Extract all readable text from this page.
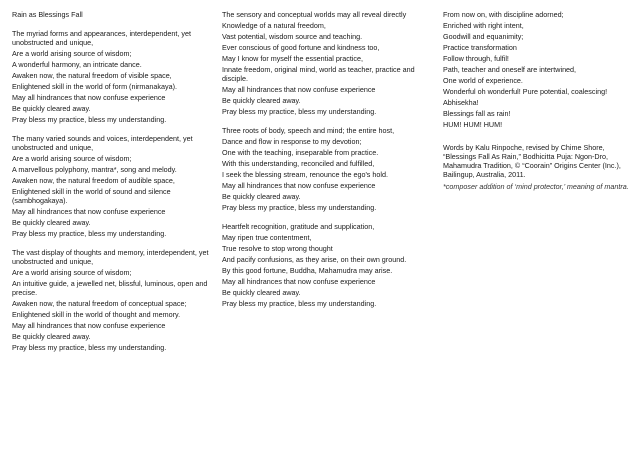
Rain as Blessings Fall
The myriad forms and appearances, interdependent, yet unobstructed and unique,
Are a world arising source of wisdom;
A wonderful harmony, an intricate dance.
Awaken now, the natural freedom of visible space,
Enlightened skill in the world of form (nirmanakaya).
May all hindrances that now confuse experience
Be quickly cleared away.
Pray bless my practice, bless my understanding.
The many varied sounds and voices, interdependent, yet unobstructed and unique,
Are a world arising source of wisdom;
A marvellous polyphony, mantra*, song and melody.
Awaken now, the natural freedom of audible space,
Enlightened skill in the world of sound and silence (sambhogakaya).
May all hindrances that now confuse experience
Be quickly cleared away.
Pray bless my practice, bless my understanding.
The vast display of thoughts and memory, interdependent, yet unobstructed and unique,
Are a world arising source of wisdom;
An intuitive guide, a jewelled net, blissful, luminous, open and precise.
Awaken now, the natural freedom of conceptual space;
Enlightened skill in the world of thought and memory.
May all hindrances that now confuse experience
Be quickly cleared away.
Pray bless my practice, bless my understanding.
The sensory and conceptual worlds may all reveal directly
Knowledge of a natural freedom,
Vast potential, wisdom source and teaching.
Ever conscious of good fortune and kindness too,
May I know for myself the essential practice,
Innate freedom, original mind, world as teacher, practice and disciple.
May all hindrances that now confuse experience
Be quickly cleared away.
Pray bless my practice, bless my understanding.
Three roots of body, speech and mind; the entire host,
Dance and flow in response to my devotion;
One with the teaching, inseparable from practice.
With this understanding, reconciled and fulfilled,
I seek the blessing stream, renounce the ego's hold.
May all hindrances that now confuse experience
Be quickly cleared away.
Pray bless my practice, bless my understanding.
Heartfelt recognition, gratitude and supplication,
May ripen true contentment,
True resolve to stop wrong thought
And pacify confusions, as they arise, on their own ground.
By this good fortune, Buddha, Mahamudra may arise.
May all hindrances that now confuse experience
Be quickly cleared away.
Pray bless my practice, bless my understanding.
From now on, with discipline adorned;
Enriched with right intent,
Goodwill and equanimity;
Practice transformation
Follow through, fulfil!
Path, teacher and oneself are intertwined,
One world of experience.
Wonderful oh wonderful! Pure potential, coalescing!
Abhisekha!
Blessings fall as rain!
HUM! HUM! HUM!
Words by Kalu Rinpoche, revised by Chime Shore, “Blessings Fall As Rain,” Bodhicitta Puja: Ngon-Dro, Mahamudra Tradition, © “Coorain” Origins Center (Inc.), Bailingup, Australia, 2011.
*composer addition of ‘mind protector,’ meaning of mantra.
